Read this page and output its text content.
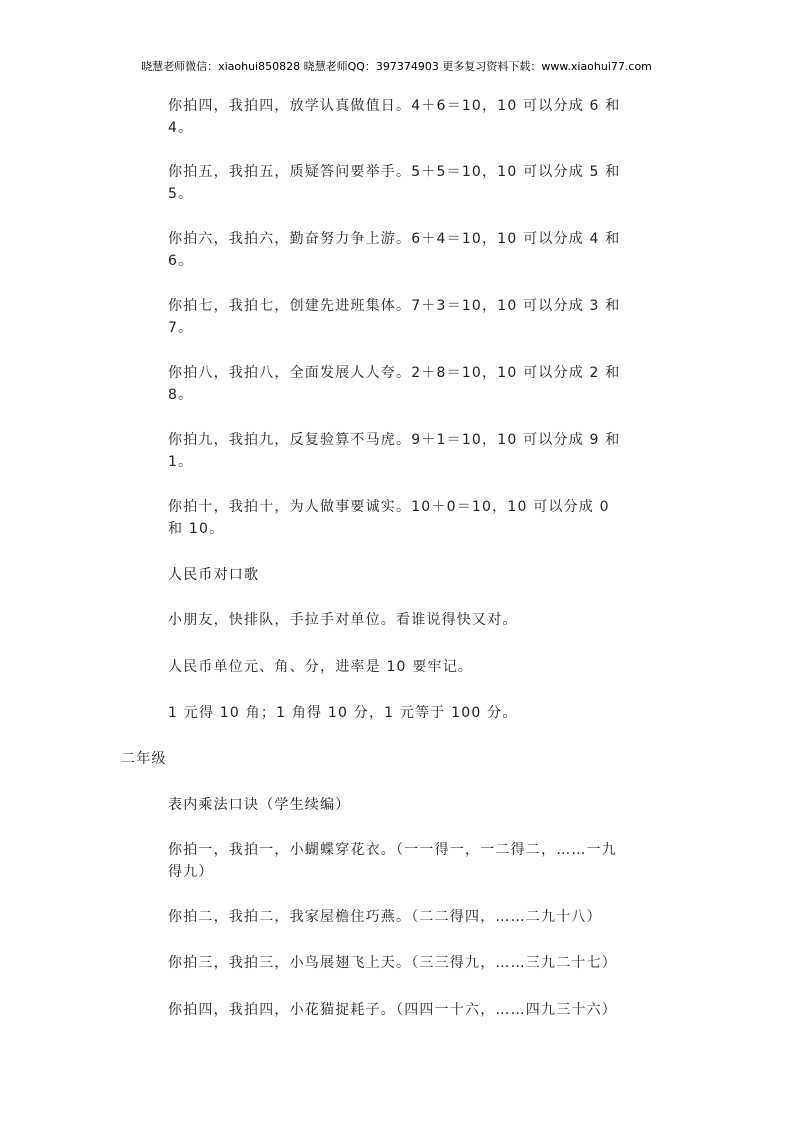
晓慧老师微信：xiaohui850828 晓慧老师QQ：397374903 更多复习资料下载：www.xiaohui77.com
你拍四，我拍四，放学认真做值日。4＋6＝10，10 可以分成 6 和 4。
你拍五，我拍五，质疑答问要举手。5＋5＝10，10 可以分成 5 和 5。
你拍六，我拍六，勤奋努力争上游。6＋4＝10，10 可以分成 4 和 6。
你拍七，我拍七，创建先进班集体。7＋3＝10，10 可以分成 3 和 7。
你拍八，我拍八，全面发展人人夸。2＋8＝10，10 可以分成 2 和 8。
你拍九，我拍九，反复验算不马虎。9＋1＝10，10 可以分成 9 和 1。
你拍十，我拍十，为人做事要诚实。10＋0＝10，10 可以分成 0 和 10。
人民币对口歌
小朋友，快排队，手拉手对单位。看谁说得快又对。
人民币单位元、角、分，进率是 10 要牢记。
1 元得 10 角；1 角得 10 分，1 元等于 100 分。
二年级
表内乘法口诀（学生续编）
你拍一，我拍一，小蝴蝶穿花衣。（一一得一，一二得二，……一九得九）
你拍二，我拍二，我家屋檐住巧燕。（二二得四，……二九十八）
你拍三，我拍三，小鸟展翅飞上天。（三三得九，……三九二十七）
你拍四，我拍四，小花猫捉耗子。（四四一十六，……四九三十六）
